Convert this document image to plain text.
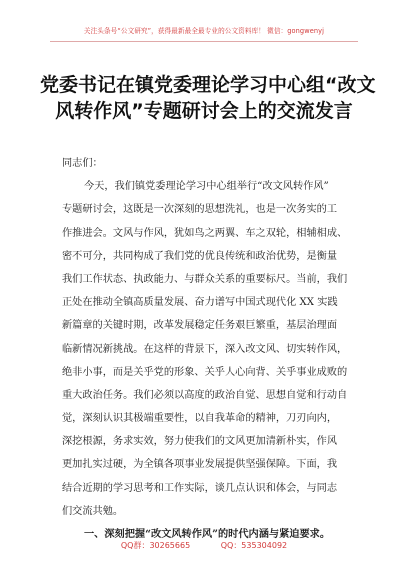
关注头条号“公文研究”，获得最新最全最专业的公文资料库！ 微信：gongwenyj
党委书记在镇党委理论学习中心组“改文
风转作风”专题研讨会上的交流发言
同志们：
今天，我们镇党委理论学习中心组举行“改文风转作风”
专题研讨会，这既是一次深刻的思想洗礼，也是一次务实的工
作推进会。文风与作风，犹如鸟之两翼、车之双轮，相辅相成、
密不可分，共同构成了我们党的优良传统和政治优势，是衡量
我们工作状态、执政能力、与群众关系的重要标尺。当前，我们
正处在推动全镇高质量发展、奋力谱写中国式现代化 XX 实践
新篇章的关键时期，改革发展稳定任务艰巨繁重，基层治理面
临新情况新挑战。在这样的背景下，深入改文风、切实转作风，
绝非小事，而是关乎党的形象、关乎人心向背、关乎事业成败的
重大政治任务。我们必须以高度的政治自觉、思想自觉和行动自
觉，深刻认识其极端重要性，以自我革命的精神，刀刃向内，
深挖根源，务求实效，努力使我们的文风更加清新朴实，作风
更加扎实过硬，为全镇各项事业发展提供坚强保障。下面，我
结合近期的学习思考和工作实际，谈几点认识和体会，与同志
们交流共勉。
一、深刻把握“改文风转作风”的时代内涵与紧迫要求。
QQ群：30265665	QQ：535304092
